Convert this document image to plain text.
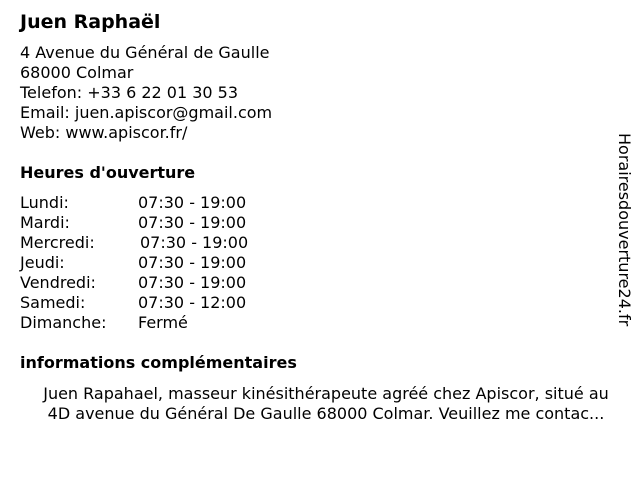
Juen Raphaël
4 Avenue du Général de Gaulle
68000 Colmar
Telefon: +33 6 22 01 30 53
Email: juen.apiscor@gmail.com
Web: www.apiscor.fr/
Heures d'ouverture
Lundi:	07:30 - 19:00
Mardi:	07:30 - 19:00
Mercredi:	07:30 - 19:00
Jeudi:	07:30 - 19:00
Vendredi:	07:30 - 19:00
Samedi:	07:30 - 12:00
Dimanche: Fermé
informations complémentaires
Juen Rapahael, masseur kinésithérapeute agréé chez Apiscor, situé au
4D avenue du Général De Gaulle 68000 Colmar. Veuillez me contac...
Horairesdouverture24.fr
